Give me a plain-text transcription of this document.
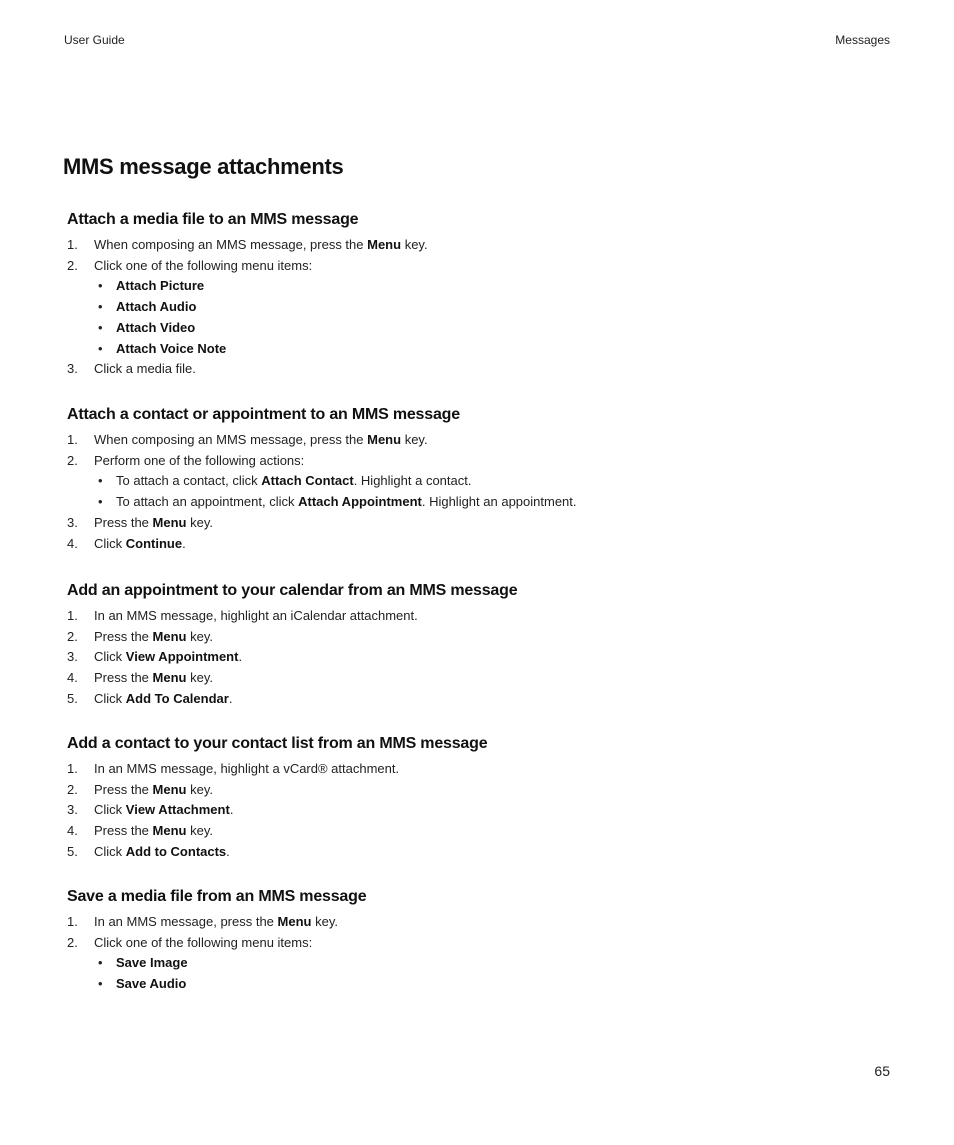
User Guide	Messages
MMS message attachments
Attach a media file to an MMS message
1. When composing an MMS message, press the Menu key.
2. Click one of the following menu items:
• Attach Picture
• Attach Audio
• Attach Video
• Attach Voice Note
3. Click a media file.
Attach a contact or appointment to an MMS message
1. When composing an MMS message, press the Menu key.
2. Perform one of the following actions:
• To attach a contact, click Attach Contact. Highlight a contact.
• To attach an appointment, click Attach Appointment. Highlight an appointment.
3. Press the Menu key.
4. Click Continue.
Add an appointment to your calendar from an MMS message
1. In an MMS message, highlight an iCalendar attachment.
2. Press the Menu key.
3. Click View Appointment.
4. Press the Menu key.
5. Click Add To Calendar.
Add a contact to your contact list from an MMS message
1. In an MMS message, highlight a vCard® attachment.
2. Press the Menu key.
3. Click View Attachment.
4. Press the Menu key.
5. Click Add to Contacts.
Save a media file from an MMS message
1. In an MMS message, press the Menu key.
2. Click one of the following menu items:
• Save Image
• Save Audio
65
